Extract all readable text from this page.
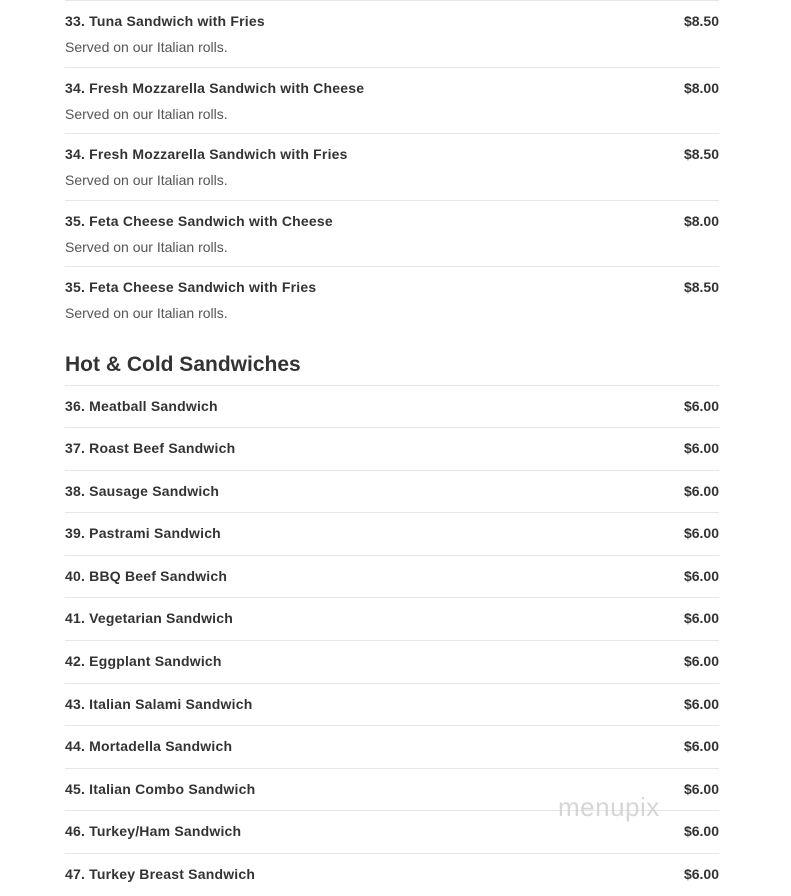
33. Tuna Sandwich with Fries	$8.50
Served on our Italian rolls.
34. Fresh Mozzarella Sandwich with Cheese	$8.00
Served on our Italian rolls.
34. Fresh Mozzarella Sandwich with Fries	$8.50
Served on our Italian rolls.
35. Feta Cheese Sandwich with Cheese	$8.00
Served on our Italian rolls.
35. Feta Cheese Sandwich with Fries	$8.50
Served on our Italian rolls.
Hot & Cold Sandwiches
36. Meatball Sandwich	$6.00
37. Roast Beef Sandwich	$6.00
38. Sausage Sandwich	$6.00
39. Pastrami Sandwich	$6.00
40. BBQ Beef Sandwich	$6.00
41. Vegetarian Sandwich	$6.00
42. Eggplant Sandwich	$6.00
43. Italian Salami Sandwich	$6.00
44. Mortadella Sandwich	$6.00
45. Italian Combo Sandwich	$6.00
46. Turkey/Ham Sandwich	$6.00
47. Turkey Breast Sandwich	$6.00
menupix
